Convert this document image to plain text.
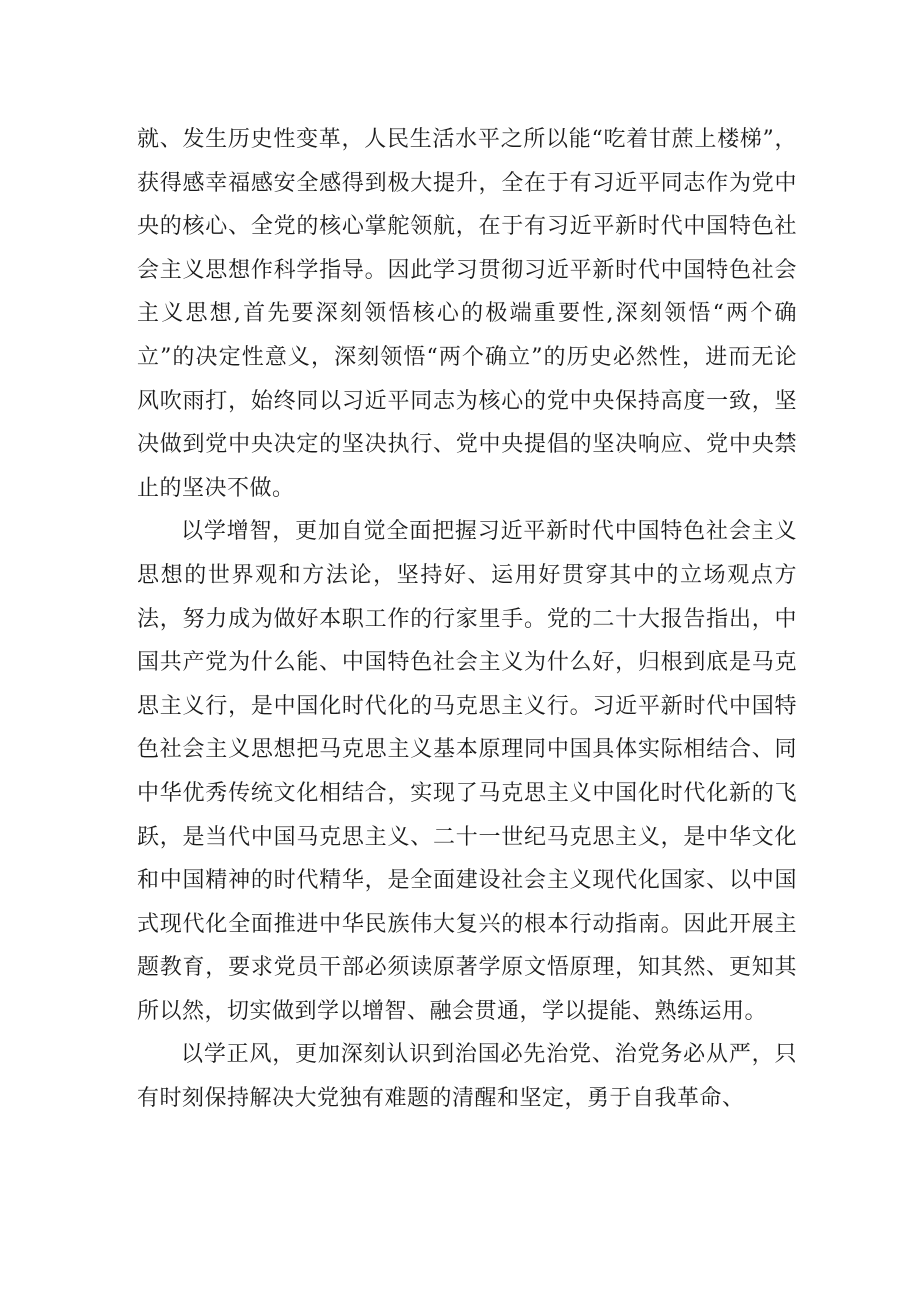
就、发生历史性变革，人民生活水平之所以能“吃着甘蔗上楼梯”，获得感幸福感安全感得到极大提升，全在于有习近平同志作为党中央的核心、全党的核心掌舵领航，在于有习近平新时代中国特色社会主义思想作科学指导。因此学习贯彻习近平新时代中国特色社会主义思想,首先要深刻领悟核心的极端重要性,深刻领悟“两个确立”的决定性意义，深刻领悟“两个确立”的历史必然性，进而无论风吹雨打，始终同以习近平同志为核心的党中央保持高度一致，坚决做到党中央决定的坚决执行、党中央提倡的坚决响应、党中央禁止的坚决不做。

以学增智，更加自觉全面把握习近平新时代中国特色社会主义思想的世界观和方法论，坚持好、运用好贯穿其中的立场观点方法，努力成为做好本职工作的行家里手。党的二十大报告指出，中国共产党为什么能、中国特色社会主义为什么好，归根到底是马克思主义行，是中国化时代化的马克思主义行。习近平新时代中国特色社会主义思想把马克思主义基本原理同中国具体实际相结合、同中华优秀传统文化相结合，实现了马克思主义中国化时代化新的飞跃，是当代中国马克思主义、二十一世纪马克思主义，是中华文化和中国精神的时代精华，是全面建设社会主义现代化国家、以中国式现代化全面推进中华民族伟大复兴的根本行动指南。因此开展主题教育，要求党员干部必须读原著学原文悟原理，知其然、更知其所以然，切实做到学以增智、融会贯通，学以提能、熟练运用。

以学正风，更加深刻认识到治国必先治党、治党务必从严，只有时刻保持解决大党独有难题的清醒和坚定，勇于自我革命、
